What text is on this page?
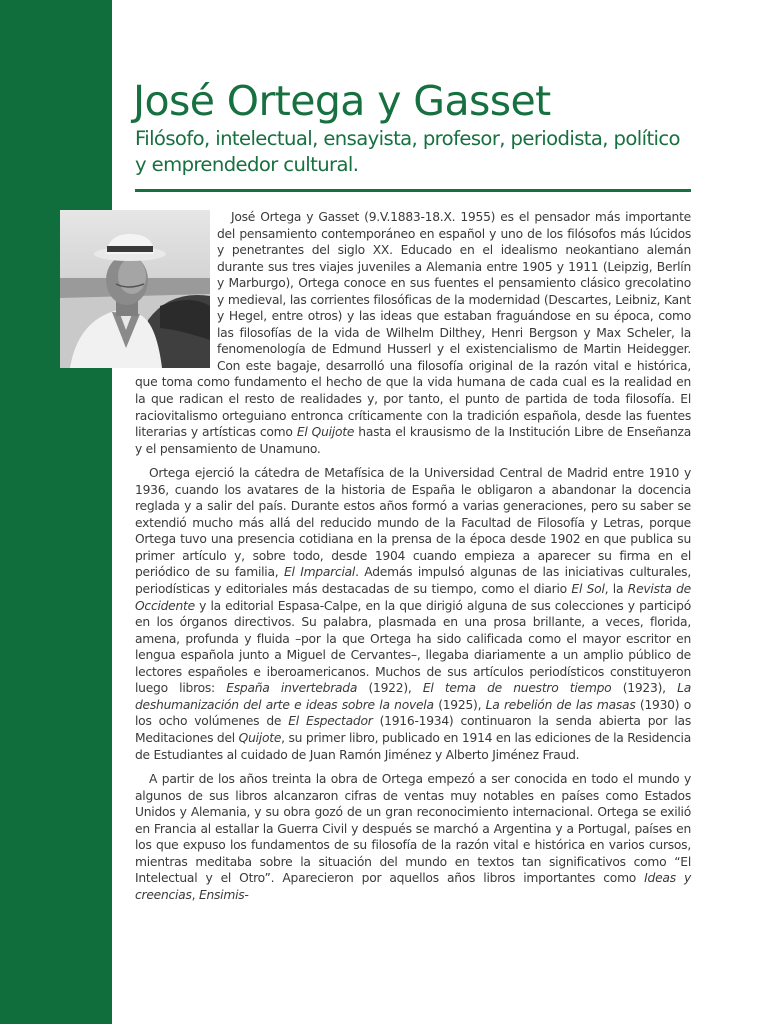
José Ortega y Gasset
Filósofo, intelectual, ensayista, profesor, periodista, político y emprendedor cultural.

José Ortega y Gasset (9.V.1883-18.X. 1955) es el pensador más importante del pensamiento contemporáneo en español y uno de los filósofos más lúcidos y penetrantes del siglo XX. Educado en el idealismo neokantiano alemán durante sus tres viajes juveniles a Alemania entre 1905 y 1911 (Leipzig, Berlín y Marburgo), Ortega conoce en sus fuentes el pensamiento clásico grecolatino y medieval, las corrientes filosóficas de la modernidad (Descartes, Leibniz, Kant y Hegel, entre otros) y las ideas que estaban fraguándose en su época, como las filosofías de la vida de Wilhelm Dilthey, Henri Bergson y Max Scheler, la fenomenología de Edmund Husserl y el existencialismo de Martin Heidegger. Con este bagaje, desarrolló una filosofía original de la razón vital e histórica, que toma como fundamento el hecho de que la vida humana de cada cual es la realidad en la que radican el resto de realidades y, por tanto, el punto de partida de toda filosofía. El raciovitalismo orteguiano entronca críticamente con la tradición española, desde las fuentes literarias y artísticas como El Quijote hasta el krausismo de la Institución Libre de Enseñanza y el pensamiento de Unamuno.

Ortega ejerció la cátedra de Metafísica de la Universidad Central de Madrid entre 1910 y 1936, cuando los avatares de la historia de España le obligaron a abandonar la docencia reglada y a salir del país. Durante estos años formó a varias generaciones, pero su saber se extendió mucho más allá del reducido mundo de la Facultad de Filosofía y Letras, porque Ortega tuvo una presencia cotidiana en la prensa de la época desde 1902 en que publica su primer artículo y, sobre todo, desde 1904 cuando empieza a aparecer su firma en el periódico de su familia, El Imparcial. Además impulsó algunas de las iniciativas culturales, periodísticas y editoriales más destacadas de su tiempo, como el diario El Sol, la Revista de Occidente y la editorial Espasa-Calpe, en la que dirigió alguna de sus colecciones y participó en los órganos directivos. Su palabra, plasmada en una prosa brillante, a veces, florida, amena, profunda y fluida –por la que Ortega ha sido calificada como el mayor escritor en lengua española junto a Miguel de Cervantes–, llegaba diariamente a un amplio público de lectores españoles e iberoamericanos. Muchos de sus artículos periodísticos constituyeron luego libros: España invertebrada (1922), El tema de nuestro tiempo (1923), La deshumanización del arte e ideas sobre la novela (1925), La rebelión de las masas (1930) o los ocho volúmenes de El Espectador (1916-1934) continuaron la senda abierta por las Meditaciones del Quijote, su primer libro, publicado en 1914 en las ediciones de la Residencia de Estudiantes al cuidado de Juan Ramón Jiménez y Alberto Jiménez Fraud.

A partir de los años treinta la obra de Ortega empezó a ser conocida en todo el mundo y algunos de sus libros alcanzaron cifras de ventas muy notables en países como Estados Unidos y Alemania, y su obra gozó de un gran reconocimiento internacional. Ortega se exilió en Francia al estallar la Guerra Civil y después se marchó a Argentina y a Portugal, países en los que expuso los fundamentos de su filosofía de la razón vital e histórica en varios cursos, mientras meditaba sobre la situación del mundo en textos tan significativos como “El Intelectual y el Otro”. Aparecieron por aquellos años libros importantes como Ideas y creencias, Ensimis-
